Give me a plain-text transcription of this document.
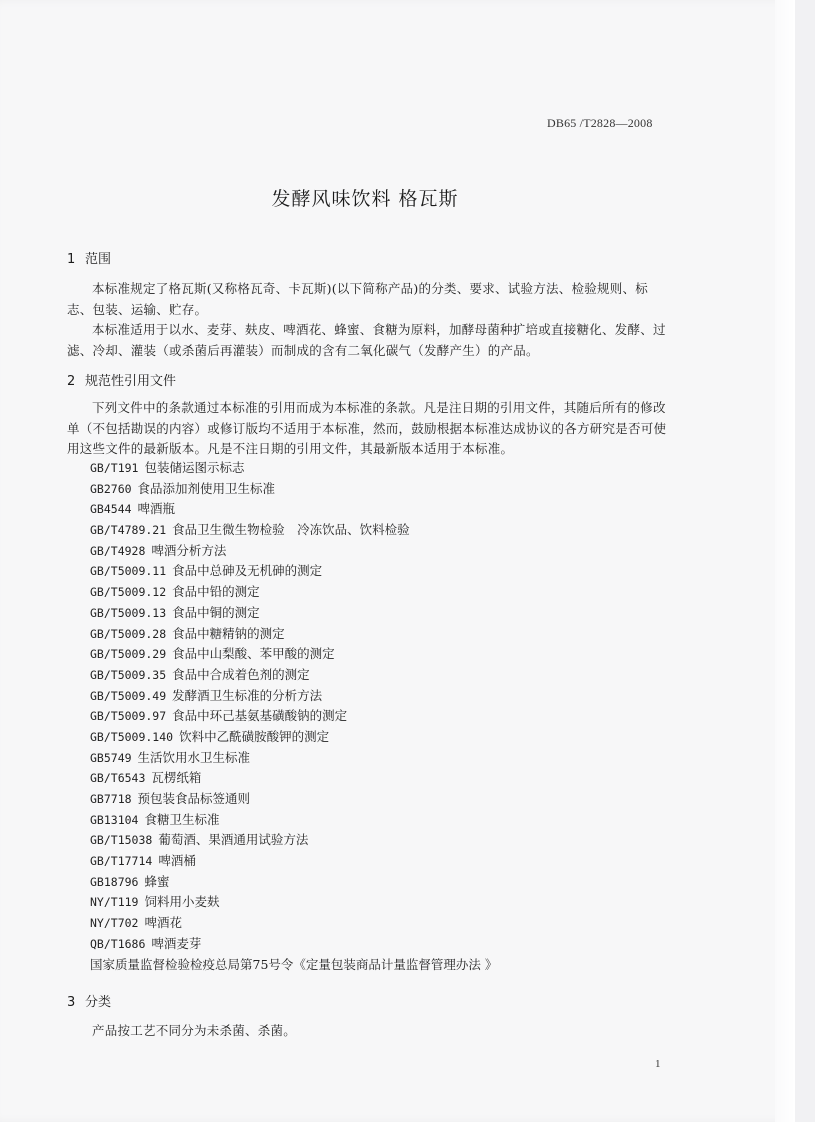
DB65 /T2828—2008
发酵风味饮料 格瓦斯
1 范围
本标准规定了格瓦斯(又称格瓦奇、卡瓦斯)(以下简称产品)的分类、要求、试验方法、检验规则、标志、包装、运输、贮存。
本标准适用于以水、麦芽、麸皮、啤酒花、蜂蜜、食糖为原料，加酵母菌种扩培或直接糖化、发酵、过滤、冷却、灌装（或杀菌后再灌装）而制成的含有二氧化碳气（发酵产生）的产品。
2 规范性引用文件
下列文件中的条款通过本标准的引用而成为本标准的条款。凡是注日期的引用文件，其随后所有的修改单（不包括勘误的内容）或修订版均不适用于本标准，然而，鼓励根据本标准达成协议的各方研究是否可使用这些文件的最新版本。凡是不注日期的引用文件，其最新版本适用于本标准。
GB/T191 包装储运图示标志
GB2760 食品添加剂使用卫生标准
GB4544 啤酒瓶
GB/T4789.21 食品卫生微生物检验　冷冻饮品、饮料检验
GB/T4928 啤酒分析方法
GB/T5009.11 食品中总砷及无机砷的测定
GB/T5009.12 食品中铅的测定
GB/T5009.13 食品中铜的测定
GB/T5009.28 食品中糖精钠的测定
GB/T5009.29 食品中山梨酸、苯甲酸的测定
GB/T5009.35 食品中合成着色剂的测定
GB/T5009.49 发酵酒卫生标准的分析方法
GB/T5009.97 食品中环己基氨基磺酸钠的测定
GB/T5009.140 饮料中乙酰磺胺酸钾的测定
GB5749 生活饮用水卫生标准
GB/T6543 瓦楞纸箱
GB7718 预包装食品标签通则
GB13104 食糖卫生标准
GB/T15038 葡萄酒、果酒通用试验方法
GB/T17714 啤酒桶
GB18796 蜂蜜
NY/T119 饲料用小麦麸
NY/T702 啤酒花
QB/T1686 啤酒麦芽
国家质量监督检验检疫总局第75号令《定量包装商品计量监督管理办法 》
3 分类
产品按工艺不同分为未杀菌、杀菌。
1
